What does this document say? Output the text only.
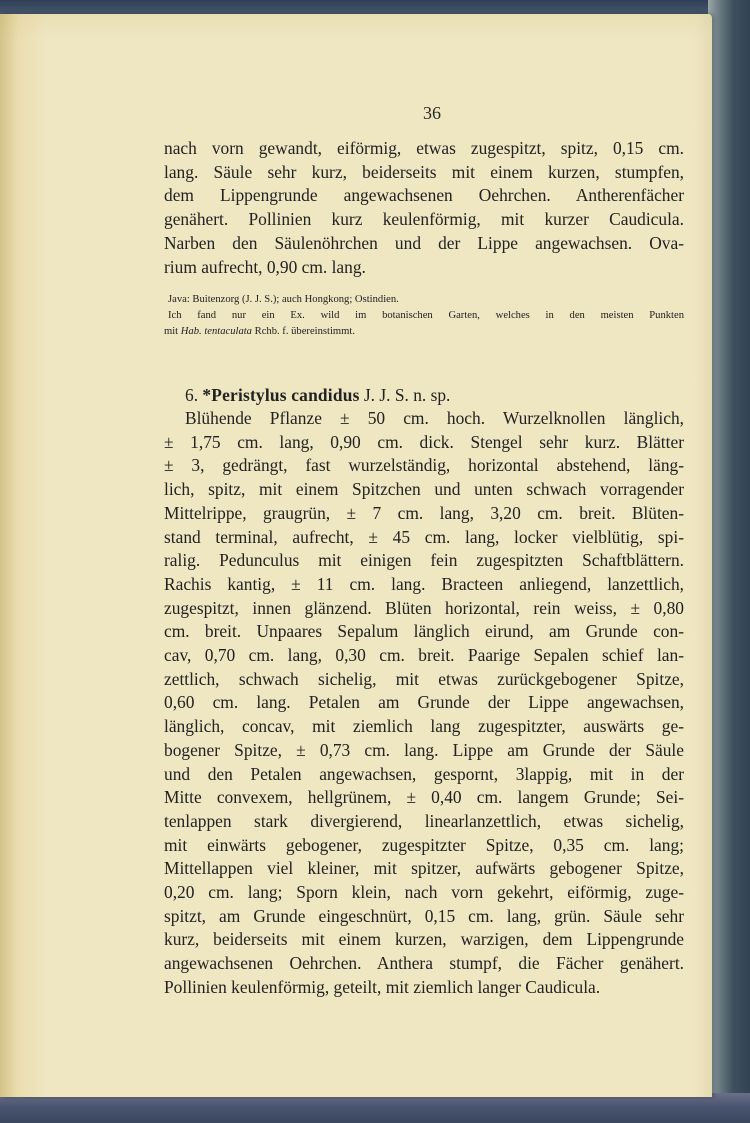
36
nach vorn gewandt, eiförmig, etwas zugespitzt, spitz, 0,15 cm.
lang. Säule sehr kurz, beiderseits mit einem kurzen, stumpfen,
dem Lippengrunde angewachsenen Oehrchen. Antherenfächer
genähert. Pollinien kurz keulenförmig, mit kurzer Caudicula.
Narben den Säulenöhrchen und der Lippe angewachsen. Ova-
rium aufrecht, 0,90 cm. lang.
Java: Buitenzorg (J. J. S.); auch Hongkong; Ostindien.
Ich fand nur ein Ex. wild im botanischen Garten, welches in den meisten Punkten
mit Hab. tentaculata Rchb. f. übereinstimmt.
6. *Peristylus candidus J. J. S. n. sp.
Blühende Pflanze ± 50 cm. hoch. Wurzelknollen länglich,
± 1,75 cm. lang, 0,90 cm. dick. Stengel sehr kurz. Blätter
± 3, gedrängt, fast wurzelständig, horizontal abstehend, läng-
lich, spitz, mit einem Spitzchen und unten schwach vorragender
Mittelrippe, graugrün, ± 7 cm. lang, 3,20 cm. breit. Blüten-
stand terminal, aufrecht, ± 45 cm. lang, locker vielblütig, spi-
ralig. Pedunculus mit einigen fein zugespitzten Schaftblättern.
Rachis kantig, ± 11 cm. lang. Bracteen anliegend, lanzettlich,
zugespitzt, innen glänzend. Blüten horizontal, rein weiss, ± 0,80
cm. breit. Unpaares Sepalum länglich eirund, am Grunde con-
cav, 0,70 cm. lang, 0,30 cm. breit. Paarige Sepalen schief lan-
zettlich, schwach sichelig, mit etwas zurückgebogener Spitze,
0,60 cm. lang. Petalen am Grunde der Lippe angewachsen,
länglich, concav, mit ziemlich lang zugespitzter, auswärts ge-
bogener Spitze, ± 0,73 cm. lang. Lippe am Grunde der Säule
und den Petalen angewachsen, gespornt, 3lappig, mit in der
Mitte convexem, hellgrünem, ± 0,40 cm. langem Grunde; Sei-
tenlappen stark divergierend, linearlanzettlich, etwas sichelig,
mit einwärts gebogener, zugespitzter Spitze, 0,35 cm. lang;
Mittellappen viel kleiner, mit spitzer, aufwärts gebogener Spitze,
0,20 cm. lang; Sporn klein, nach vorn gekehrt, eiförmig, zuge-
spitzt, am Grunde eingeschnürt, 0,15 cm. lang, grün. Säule sehr
kurz, beiderseits mit einem kurzen, warzigen, dem Lippengrunde
angewachsenen Oehrchen. Anthera stumpf, die Fächer genähert.
Pollinien keulenförmig, geteilt, mit ziemlich langer Caudicula.
